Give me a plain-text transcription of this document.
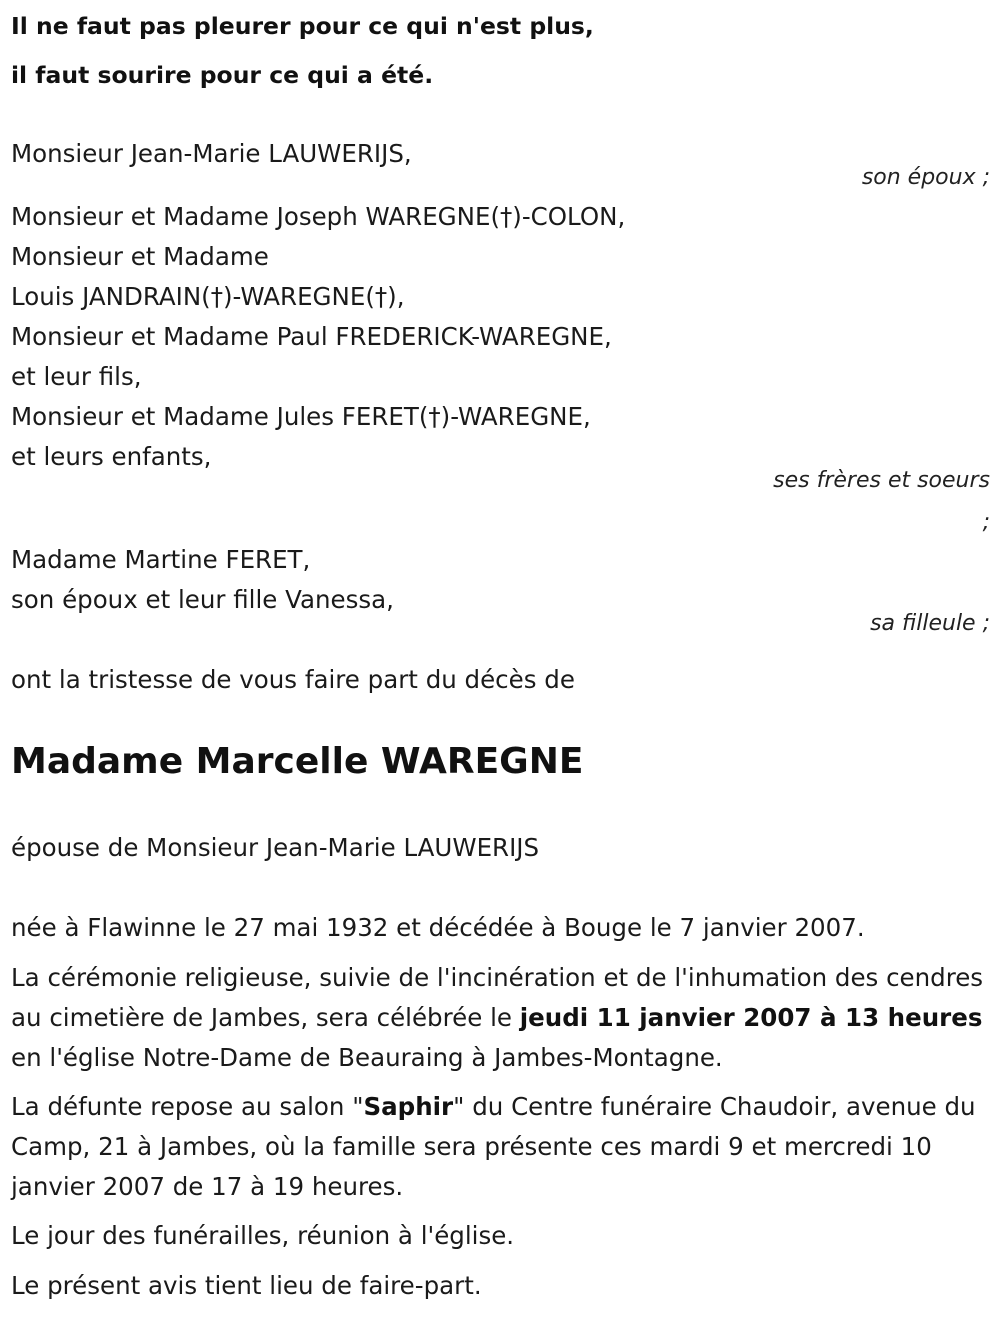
Il ne faut pas pleurer pour ce qui n'est plus,
il faut sourire pour ce qui a été.
Monsieur Jean-Marie LAUWERIJS,
son époux ;
Monsieur et Madame Joseph WAREGNE(†)-COLON,
Monsieur et Madame
Louis JANDRAIN(†)-WAREGNE(†),
Monsieur et Madame Paul FREDERICK-WAREGNE,
et leur fils,
Monsieur et Madame Jules FERET(†)-WAREGNE,
et leurs enfants,
ses frères et soeurs
;
Madame Martine FERET,
son époux et leur fille Vanessa,
sa filleule ;
ont la tristesse de vous faire part du décès de
Madame Marcelle WAREGNE
épouse de Monsieur Jean-Marie LAUWERIJS
née à Flawinne le 27 mai 1932 et décédée à Bouge le 7 janvier 2007.
La cérémonie religieuse, suivie de l'incinération et de l'inhumation des cendres au cimetière de Jambes, sera célébrée le jeudi 11 janvier 2007 à 13 heures en l'église Notre-Dame de Beauraing à Jambes-Montagne.
La défunte repose au salon "Saphir" du Centre funéraire Chaudoir, avenue du Camp, 21 à Jambes, où la famille sera présente ces mardi 9 et mercredi 10 janvier 2007 de 17 à 19 heures.
Le jour des funérailles, réunion à l'église.
Le présent avis tient lieu de faire-part.
